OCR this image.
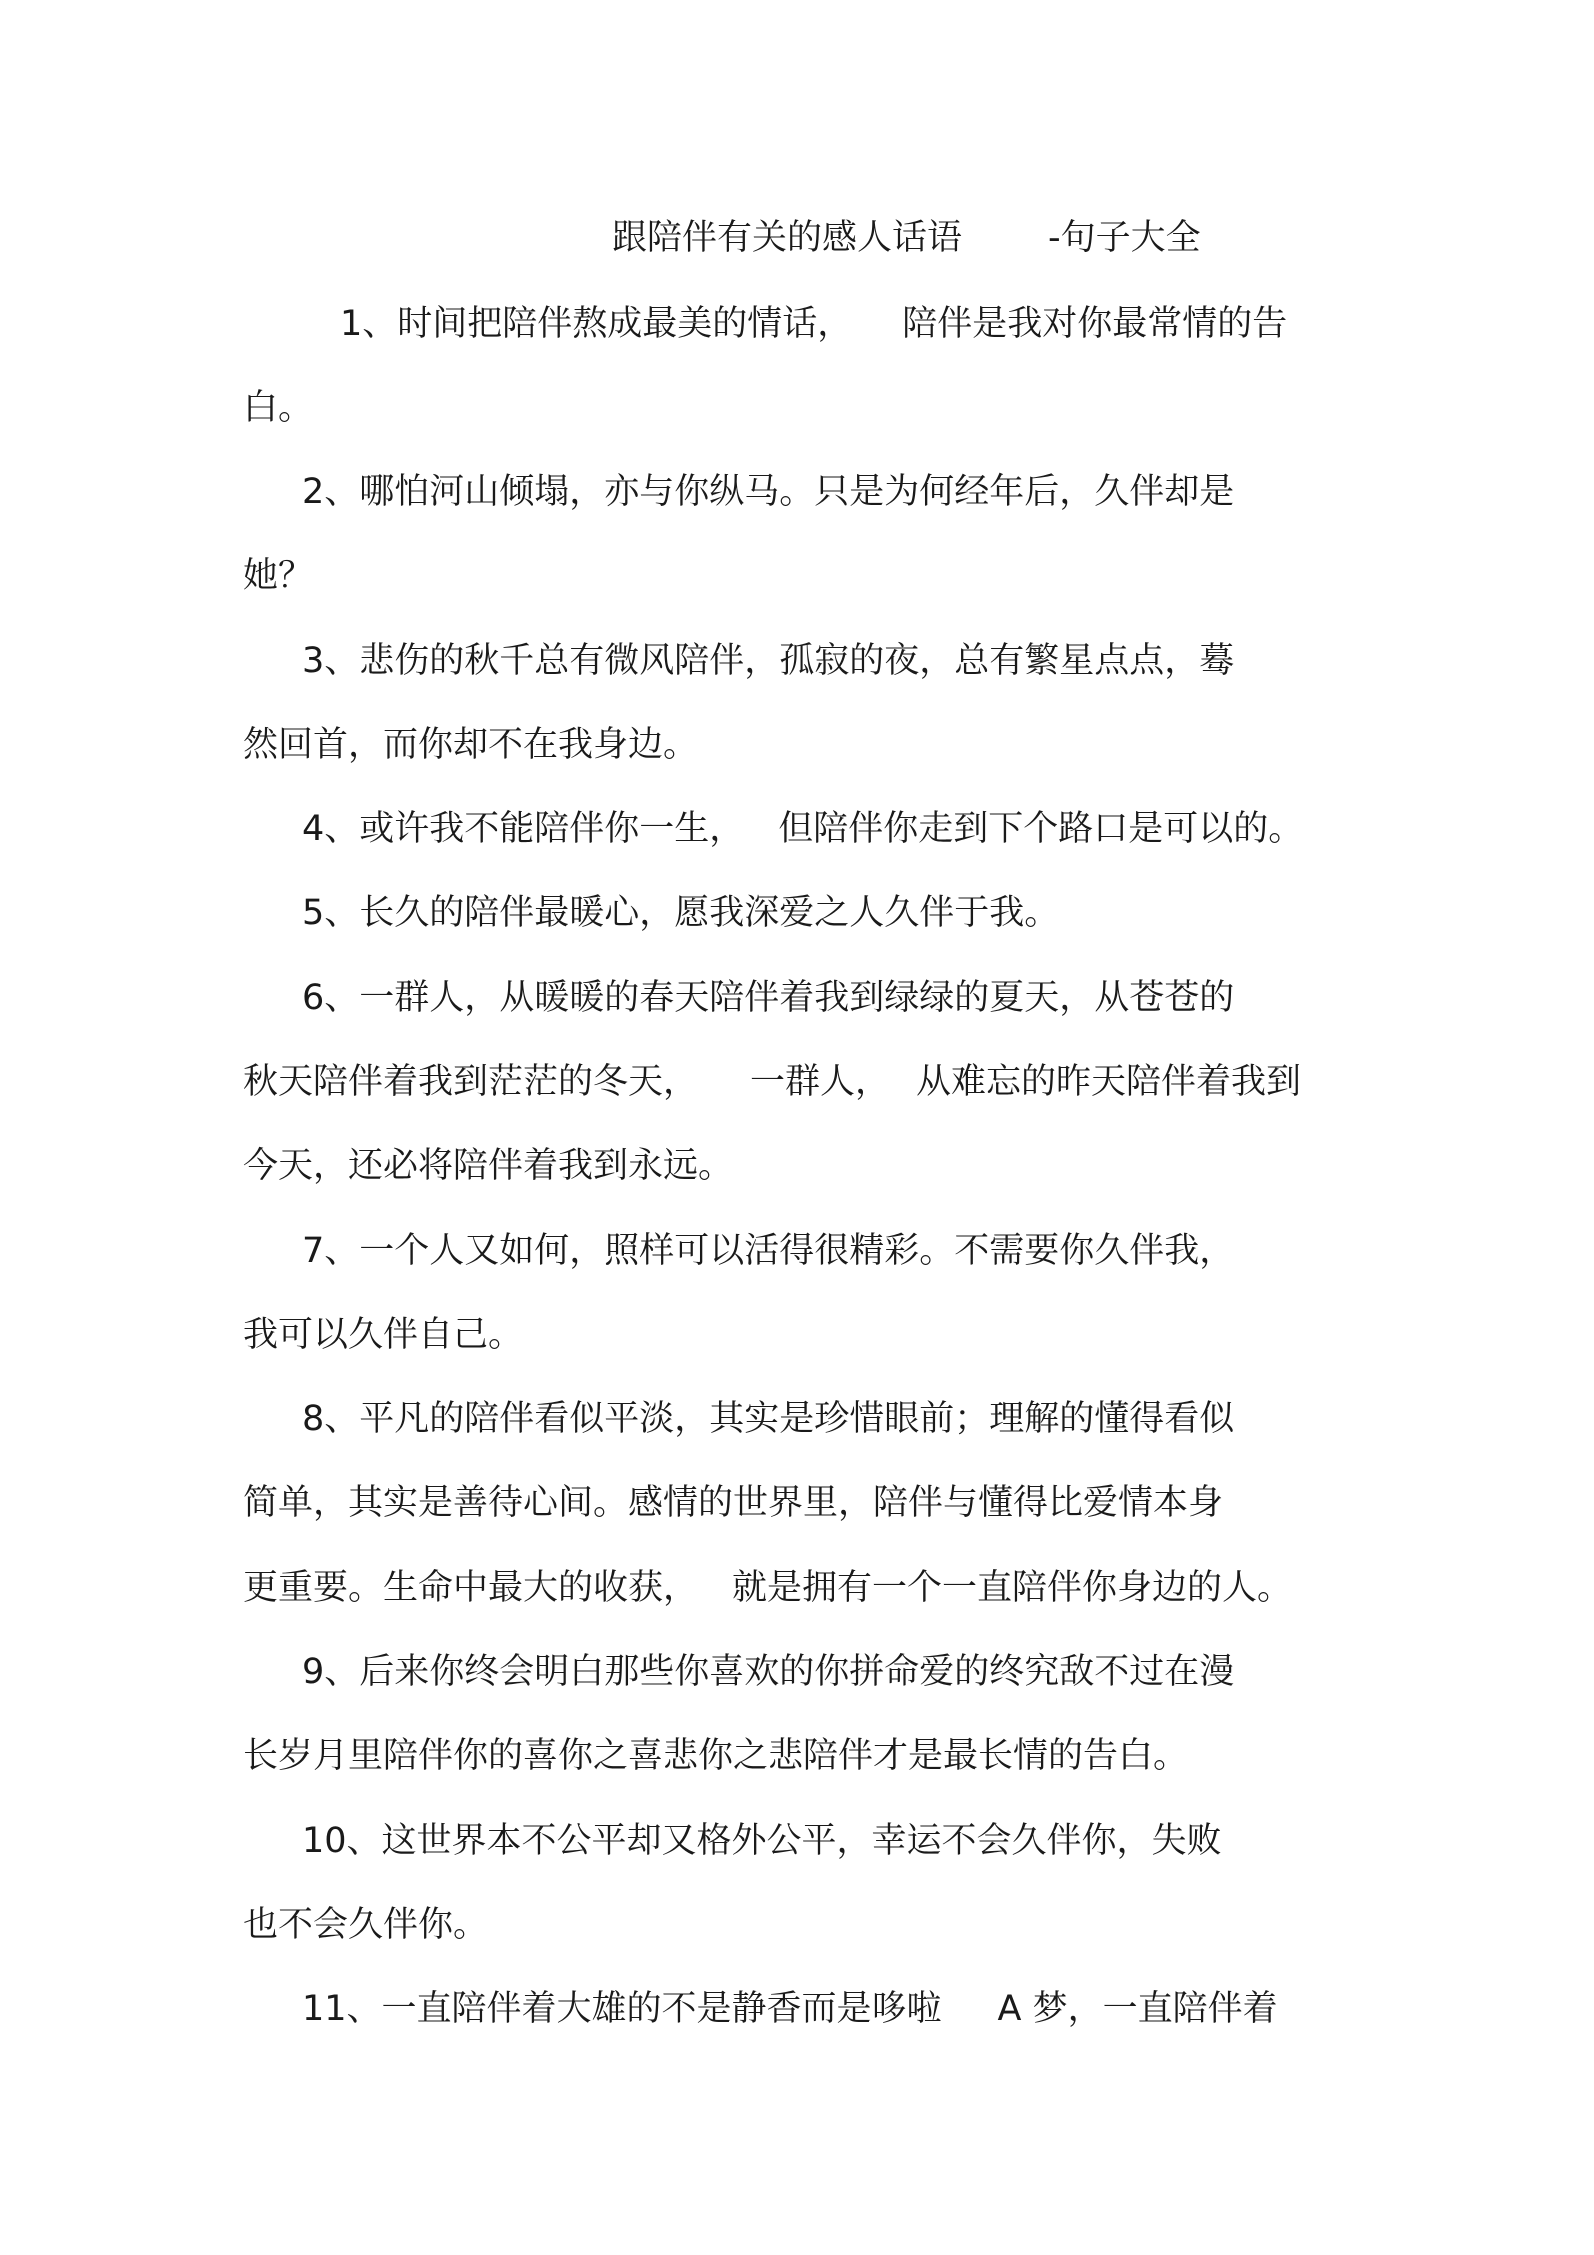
跟陪伴有关的感人话语 -句子大全
1、时间把陪伴熬成最美的情话， 陪伴是我对你最常情的告
白。
2、哪怕河山倾塌，亦与你纵马。只是为何经年后，久伴却是
她？
3、悲伤的秋千总有微风陪伴，孤寂的夜，总有繁星点点，蓦
然回首，而你却不在我身边。
4、或许我不能陪伴你一生， 但陪伴你走到下个路口是可以的。
5、长久的陪伴最暖心，愿我深爱之人久伴于我。
6、一群人，从暖暖的春天陪伴着我到绿绿的夏天，从苍苍的
秋天陪伴着我到茫茫的冬天， 一群人， 从难忘的昨天陪伴着我到
今天，还必将陪伴着我到永远。
7、一个人又如何，照样可以活得很精彩。不需要你久伴我，
我可以久伴自己。
8、平凡的陪伴看似平淡，其实是珍惜眼前；理解的懂得看似
简单，其实是善待心间。感情的世界里，陪伴与懂得比爱情本身
更重要。生命中最大的收获， 就是拥有一个一直陪伴你身边的人。
9、后来你终会明白那些你喜欢的你拼命爱的终究敌不过在漫
长岁月里陪伴你的喜你之喜悲你之悲陪伴才是最长情的告白。
10、这世界本不公平却又格外公平，幸运不会久伴你，失败
也不会久伴你。
11、一直陪伴着大雄的不是静香而是哆啦 A 梦，一直陪伴着
